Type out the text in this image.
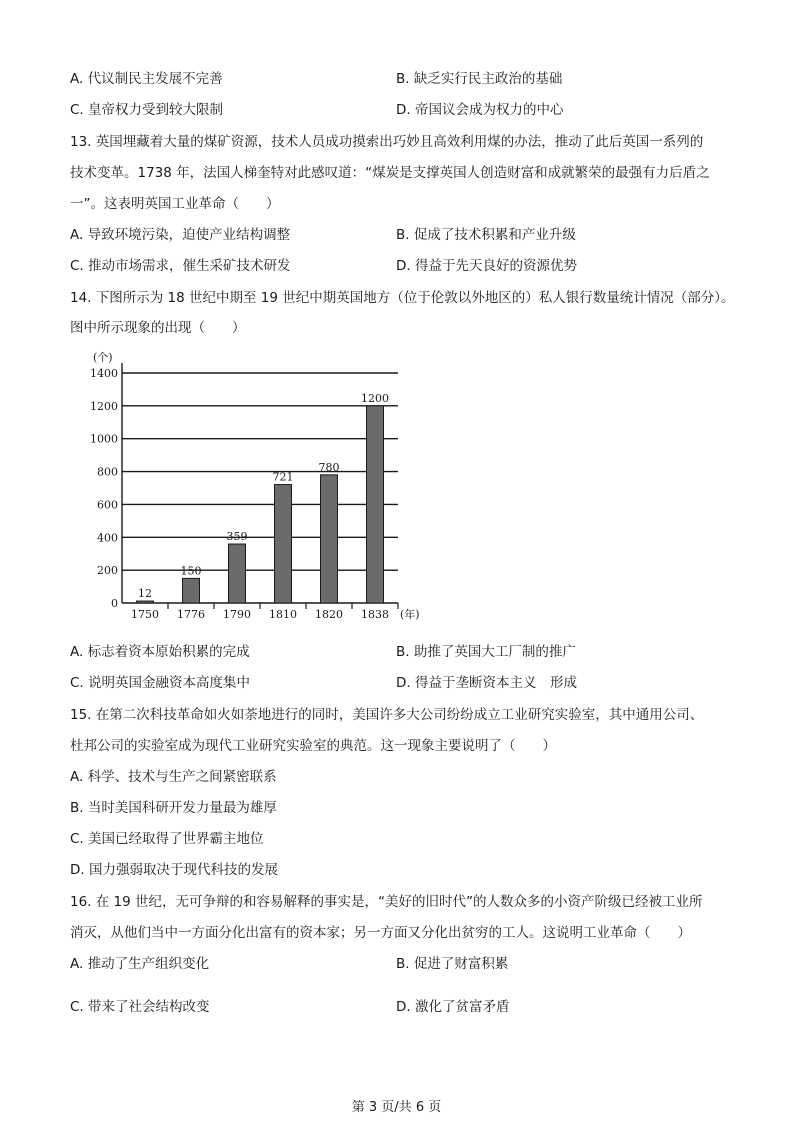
A. 代议制民主发展不完善	B. 缺乏实行民主政治的基础
C. 皇帝权力受到较大限制	D. 帝国议会成为权力的中心
13. 英国埋藏着大量的煤矿资源，技术人员成功摸索出巧妙且高效利用煤的办法，推动了此后英国一系列的
技术变革。1738 年，法国人梯奎特对此感叹道：“煤炭是支撑英国人创造财富和成就繁荣的最强有力后盾之
一”。这表明英国工业革命（　　）
A. 导致环境污染，迫使产业结构调整	B. 促成了技术积累和产业升级
C. 推动市场需求，催生采矿技术研发	D. 得益于先天良好的资源优势
14. 下图所示为 18 世纪中期至 19 世纪中期英国地方（位于伦敦以外地区的）私人银行数量统计情况（部分）。
图中所示现象的出现（　　）
0
200
400
600
800
1000
1200
1400
(个)
12
1750
150
1776
359
1790
721
1810
780
1820
1200
1838 (年)
A. 标志着资本原始积累的完成	B. 助推了英国大工厂制的推广
C. 说明英国金融资本高度集中	D. 得益于垄断资本主义　形成
15. 在第二次科技革命如火如荼地进行的同时，美国许多大公司纷纷成立工业研究实验室，其中通用公司、
杜邦公司的实验室成为现代工业研究实验室的典范。这一现象主要说明了（　　）
A. 科学、技术与生产之间紧密联系
B. 当时美国科研开发力量最为雄厚
C. 美国已经取得了世界霸主地位
D. 国力强弱取决于现代科技的发展
16. 在 19 世纪，无可争辩的和容易解释的事实是，“美好的旧时代”的人数众多的小资产阶级已经被工业所
消灭，从他们当中一方面分化出富有的资本家；另一方面又分化出贫穷的工人。这说明工业革命（　　）
A. 推动了生产组织变化	B. 促进了财富积累
C. 带来了社会结构改变	D. 激化了贫富矛盾
第 3 页/共 6 页
